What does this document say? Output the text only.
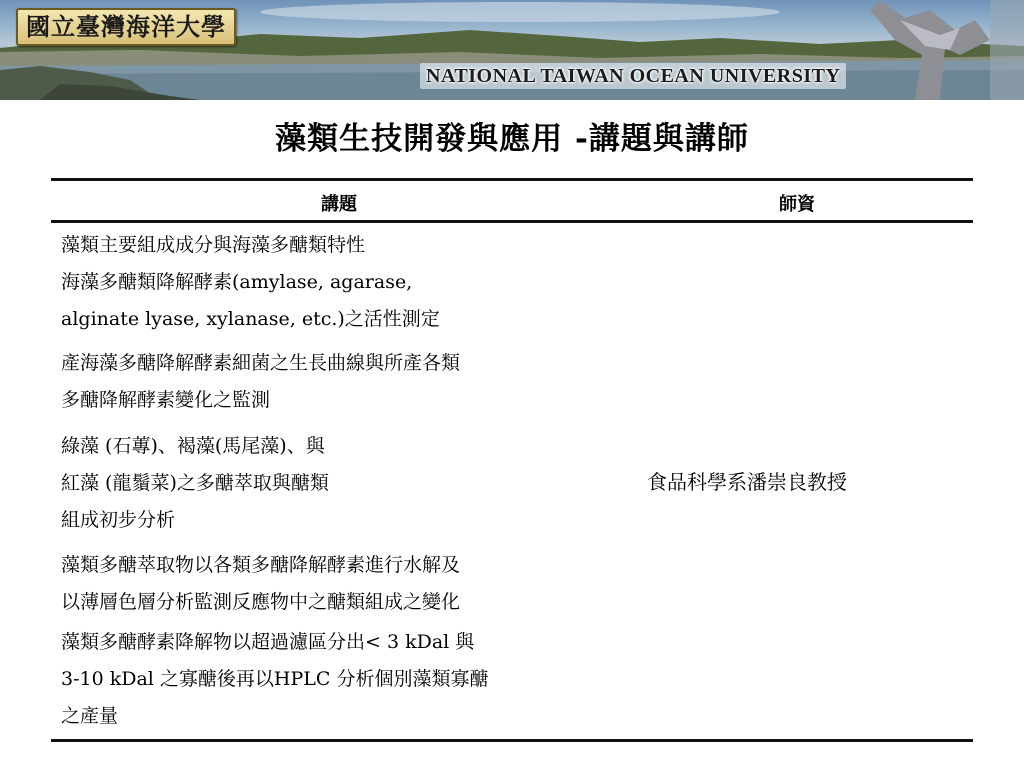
國立臺灣海洋大學
NATIONAL TAIWAN OCEAN UNIVERSITY
藻類生技開發與應用 -講題與講師
講題	師資
藻類主要組成成分與海藻多醣類特性
海藻多醣類降解酵素(amylase, agarase,
alginate lyase, xylanase, etc.)之活性測定
產海藻多醣降解酵素細菌之生長曲線與所產各類
多醣降解酵素變化之監測
綠藻 (石蓴)、褐藻(馬尾藻)、與
紅藻 (龍鬚菜)之多醣萃取與醣類
組成初步分析
藻類多醣萃取物以各類多醣降解酵素進行水解及
以薄層色層分析監測反應物中之醣類組成之變化
藻類多醣酵素降解物以超過濾區分出< 3 kDal 與
3-10 kDal 之寡醣後再以HPLC 分析個別藻類寡醣
之產量
食品科學系潘崇良教授
